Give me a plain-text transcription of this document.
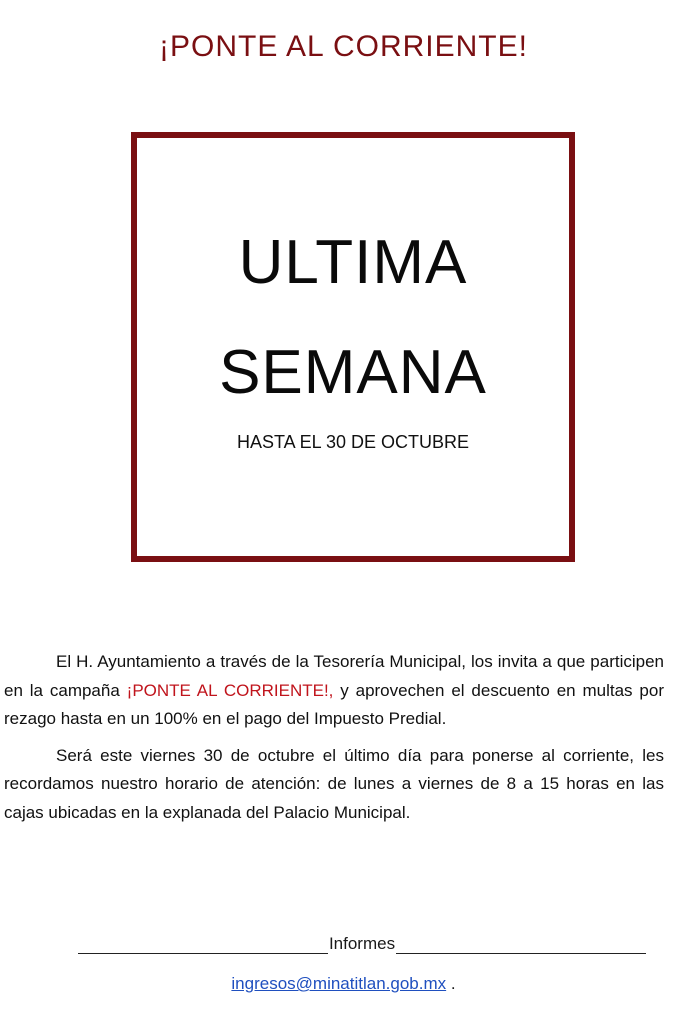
¡PONTE AL CORRIENTE!
ULTIMA
SEMANA
HASTA EL 30 DE OCTUBRE

El H. Ayuntamiento a través de la Tesorería Municipal, los invita a que participen en la campaña ¡PONTE AL CORRIENTE!, y aprovechen el descuento en multas por rezago hasta en un 100% en el pago del Impuesto Predial.

Será este viernes 30 de octubre el último día para ponerse al corriente, les recordamos nuestro horario de atención: de lunes a viernes de 8 a 15 horas en las cajas ubicadas en la explanada del Palacio Municipal.

Informes
ingresos@minatitlan.gob.mx .
